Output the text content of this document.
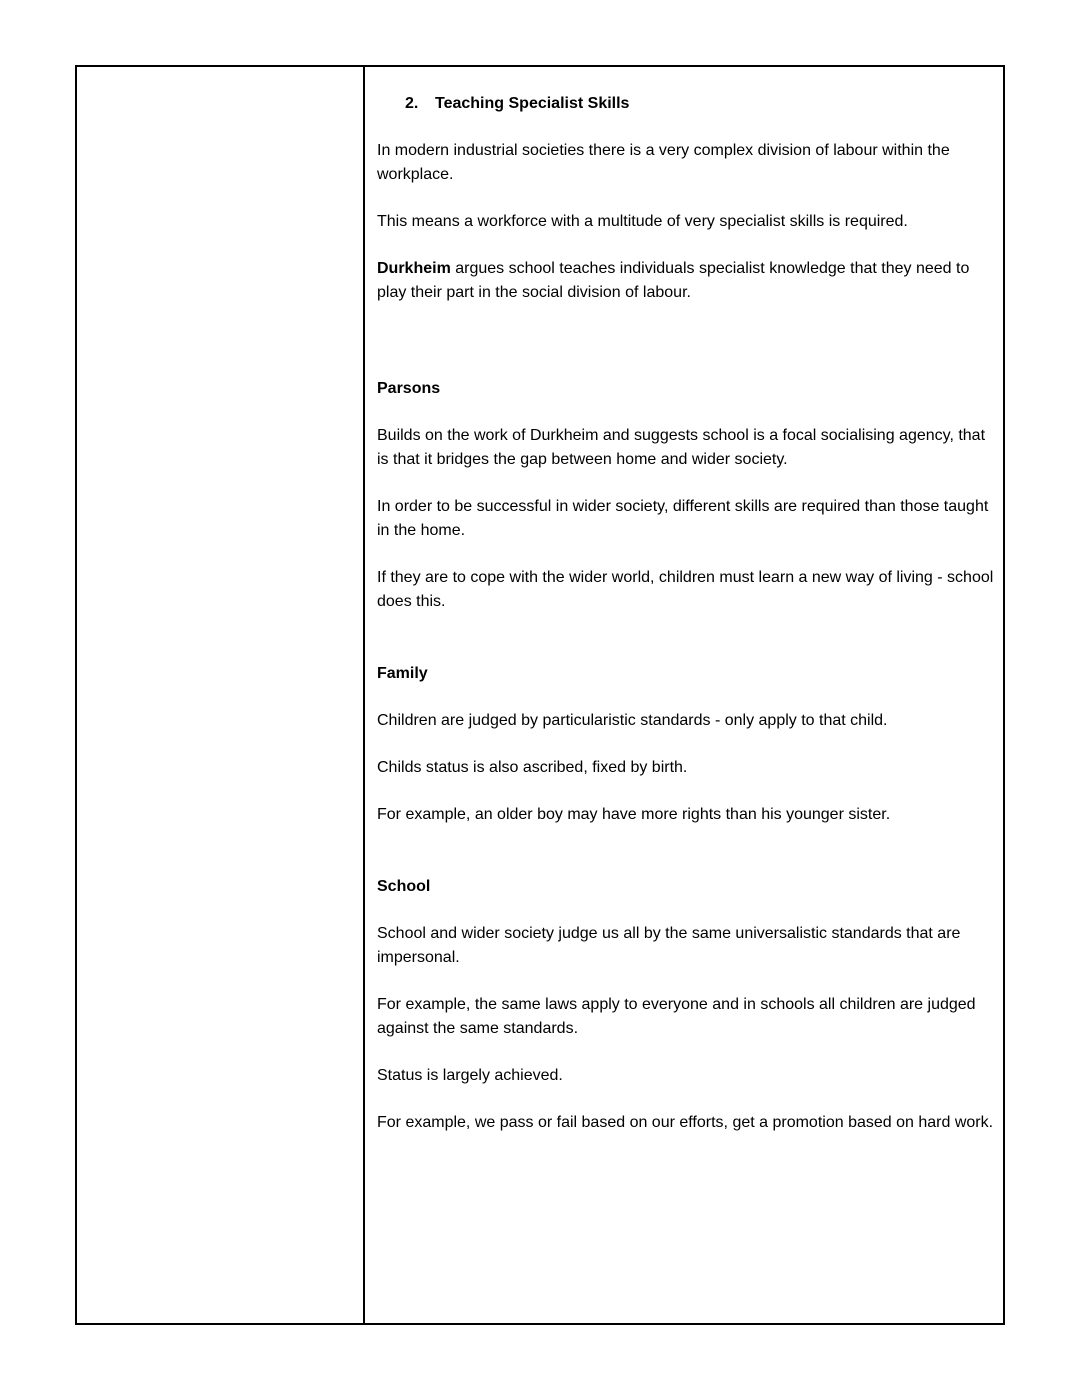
2.	Teaching Specialist Skills

In modern industrial societies there is a very complex division of labour within the workplace.

This means a workforce with a multitude of very specialist skills is required.

Durkheim argues school teaches individuals specialist knowledge that they need to play their part in the social division of labour.

Parsons

Builds on the work of Durkheim and suggests school is a focal socialising agency, that is that it bridges the gap between home and wider society.

In order to be successful in wider society, different skills are required than those taught in the home.

If they are to cope with the wider world, children must learn a new way of living - school does this.

Family

Children are judged by particularistic standards - only apply to that child.

Childs status is also ascribed, fixed by birth.

For example, an older boy may have more rights than his younger sister.

School

School and wider society judge us all by the same universalistic standards that are impersonal.

For example, the same laws apply to everyone and in schools all children are judged against the same standards.

Status is largely achieved.

For example, we pass or fail based on our efforts, get a promotion based on hard work.
